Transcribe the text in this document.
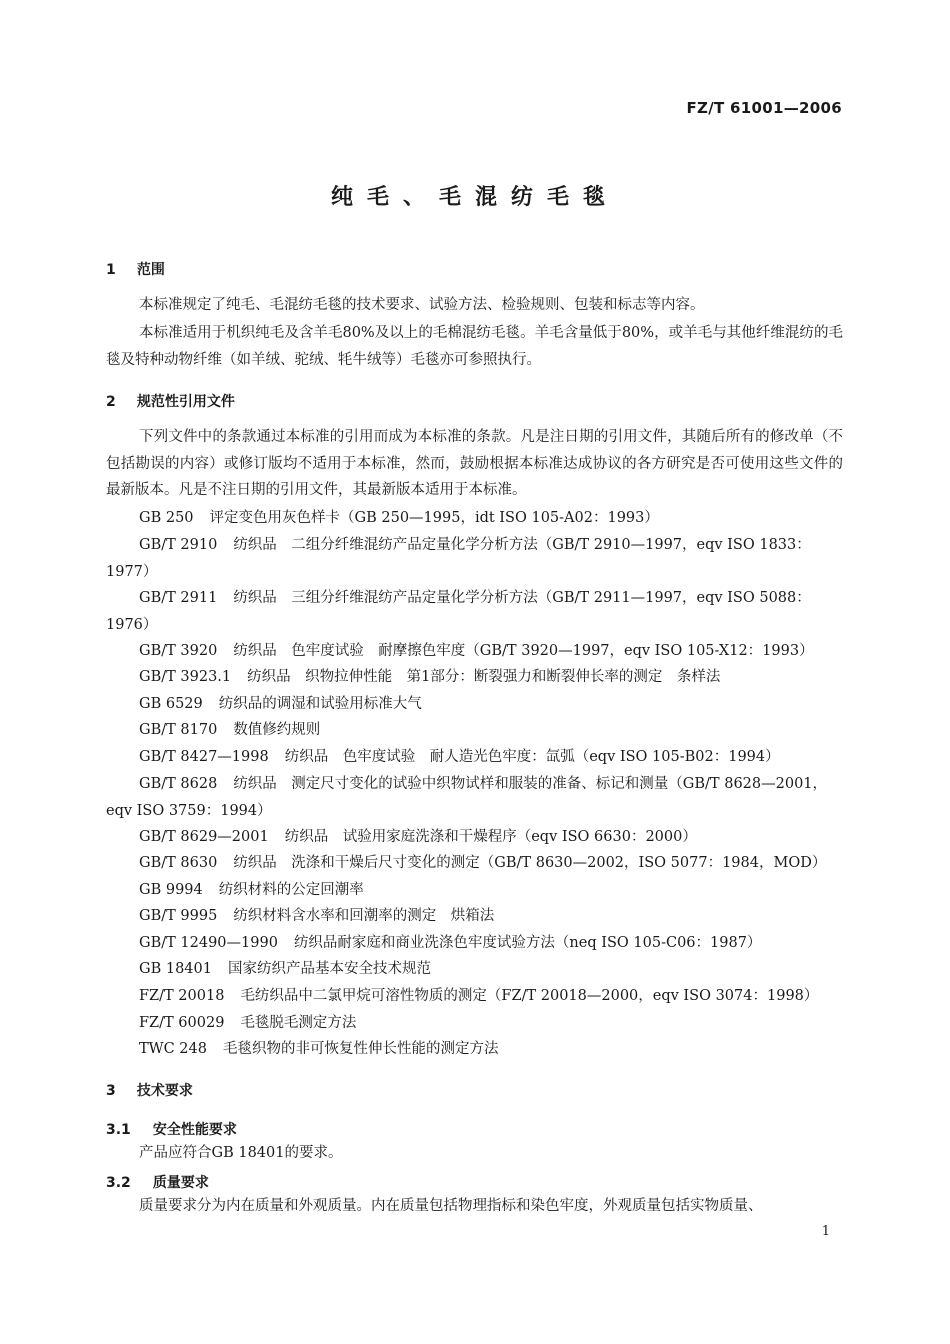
FZ/T 61001—2006
纯毛、毛混纺毛毯
1 范围

本标准规定了纯毛、毛混纺毛毯的技术要求、试验方法、检验规则、包装和标志等内容。

本标准适用于机织纯毛及含羊毛80%及以上的毛棉混纺毛毯。羊毛含量低于80%，或羊毛与其他纤维混纺的毛毯及特种动物纤维（如羊绒、驼绒、牦牛绒等）毛毯亦可参照执行。

2 规范性引用文件

下列文件中的条款通过本标准的引用而成为本标准的条款。凡是注日期的引用文件，其随后所有的修改单（不包括勘误的内容）或修订版均不适用于本标准，然而，鼓励根据本标准达成协议的各方研究是否可使用这些文件的最新版本。凡是不注日期的引用文件，其最新版本适用于本标准。

GB 250 评定变色用灰色样卡（GB 250—1995，idt ISO 105-A02：1993）

GB/T 2910 纺织品　二组分纤维混纺产品定量化学分析方法（GB/T 2910—1997，eqv ISO 1833：1977）

GB/T 2911 纺织品　三组分纤维混纺产品定量化学分析方法（GB/T 2911—1997，eqv ISO 5088：1976）

GB/T 3920 纺织品　色牢度试验　耐摩擦色牢度（GB/T 3920—1997，eqv ISO 105-X12：1993）

GB/T 3923.1 纺织品　织物拉伸性能　第1部分：断裂强力和断裂伸长率的测定　条样法

GB 6529 纺织品的调湿和试验用标准大气

GB/T 8170 数值修约规则

GB/T 8427—1998 纺织品　色牢度试验　耐人造光色牢度：氙弧（eqv ISO 105-B02：1994）

GB/T 8628 纺织品　测定尺寸变化的试验中织物试样和服装的准备、标记和测量（GB/T 8628—2001，eqv ISO 3759：1994）

GB/T 8629—2001 纺织品　试验用家庭洗涤和干燥程序（eqv ISO 6630：2000）

GB/T 8630 纺织品　洗涤和干燥后尺寸变化的测定（GB/T 8630—2002，ISO 5077：1984，MOD）

GB 9994 纺织材料的公定回潮率

GB/T 9995 纺织材料含水率和回潮率的测定　烘箱法

GB/T 12490—1990 纺织品耐家庭和商业洗涤色牢度试验方法（neq ISO 105-C06：1987）

GB 18401 国家纺织产品基本安全技术规范

FZ/T 20018 毛纺织品中二氯甲烷可溶性物质的测定（FZ/T 20018—2000，eqv ISO 3074：1998）

FZ/T 60029 毛毯脱毛测定方法

TWC 248 毛毯织物的非可恢复性伸长性能的测定方法

3 技术要求
3.1 安全性能要求

产品应符合GB 18401的要求。

3.2 质量要求

质量要求分为内在质量和外观质量。内在质量包括物理指标和染色牢度，外观质量包括实物质量、

1
